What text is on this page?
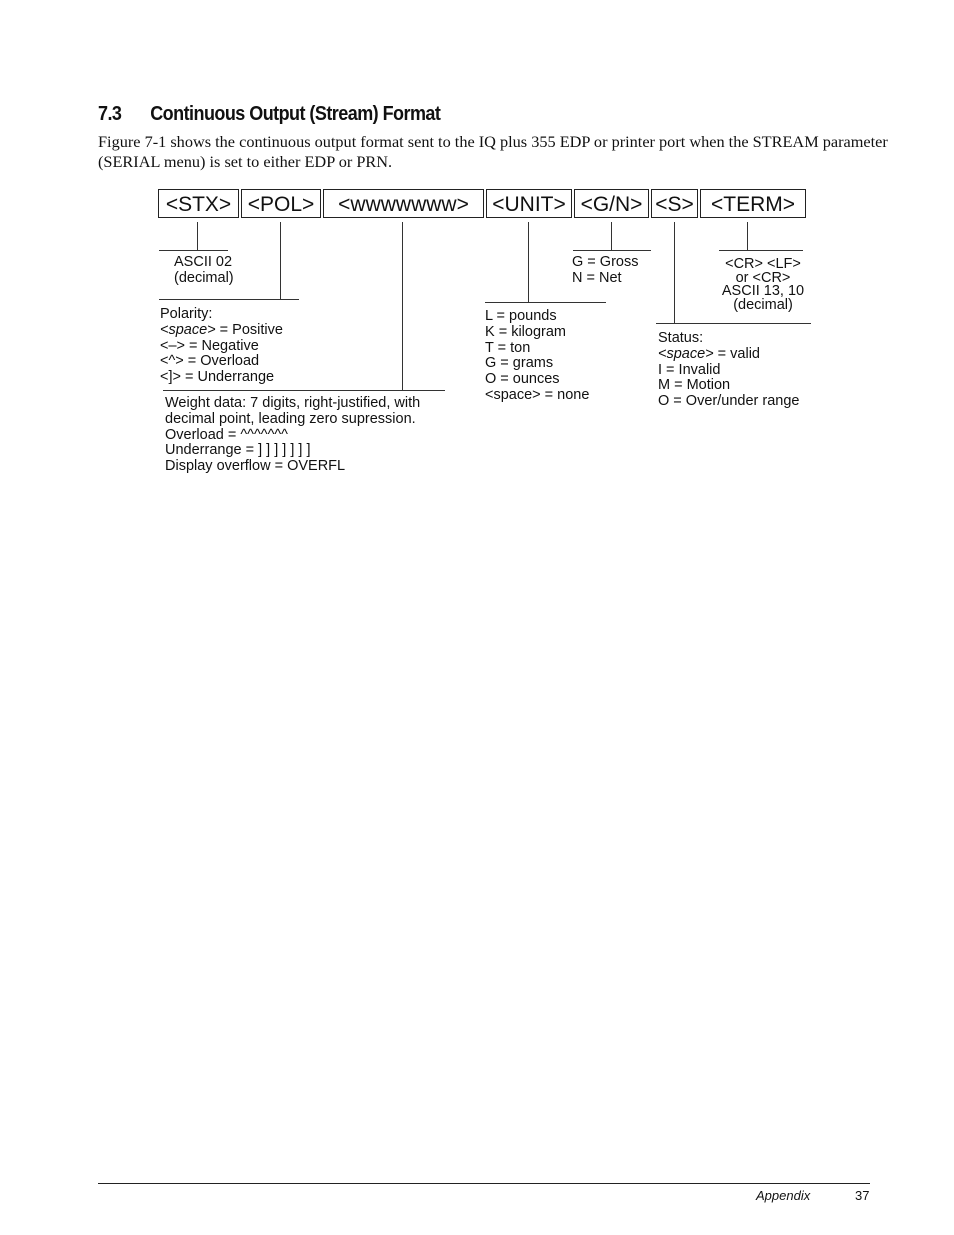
7.3 Continuous Output (Stream) Format
Figure 7-1 shows the continuous output format sent to the IQ plus 355 EDP or printer port when the STREAM parameter (SERIAL menu) is set to either EDP or PRN.
<STX> <POL>	<wwwwwww>	<UNIT> <G/N> <S> <TERM>
ASCII 02
(decimal)
Polarity:
<space> = Positive
<–> = Negative
<^> = Overload
<]> = Underrange
Weight data: 7 digits, right-justified, with
decimal point, leading zero supression.
Overload = ^^^^^^^
Underrange = ] ] ] ] ] ] ]
Display overflow = OVERFL
L = pounds
K = kilogram
T = ton
G = grams
O = ounces
<space> = none
G = Gross
N = Net
Status:
<space> = valid
I = Invalid
M = Motion
O = Over/under range
<CR> <LF>
or <CR>
ASCII 13, 10
(decimal)
Appendix	37
